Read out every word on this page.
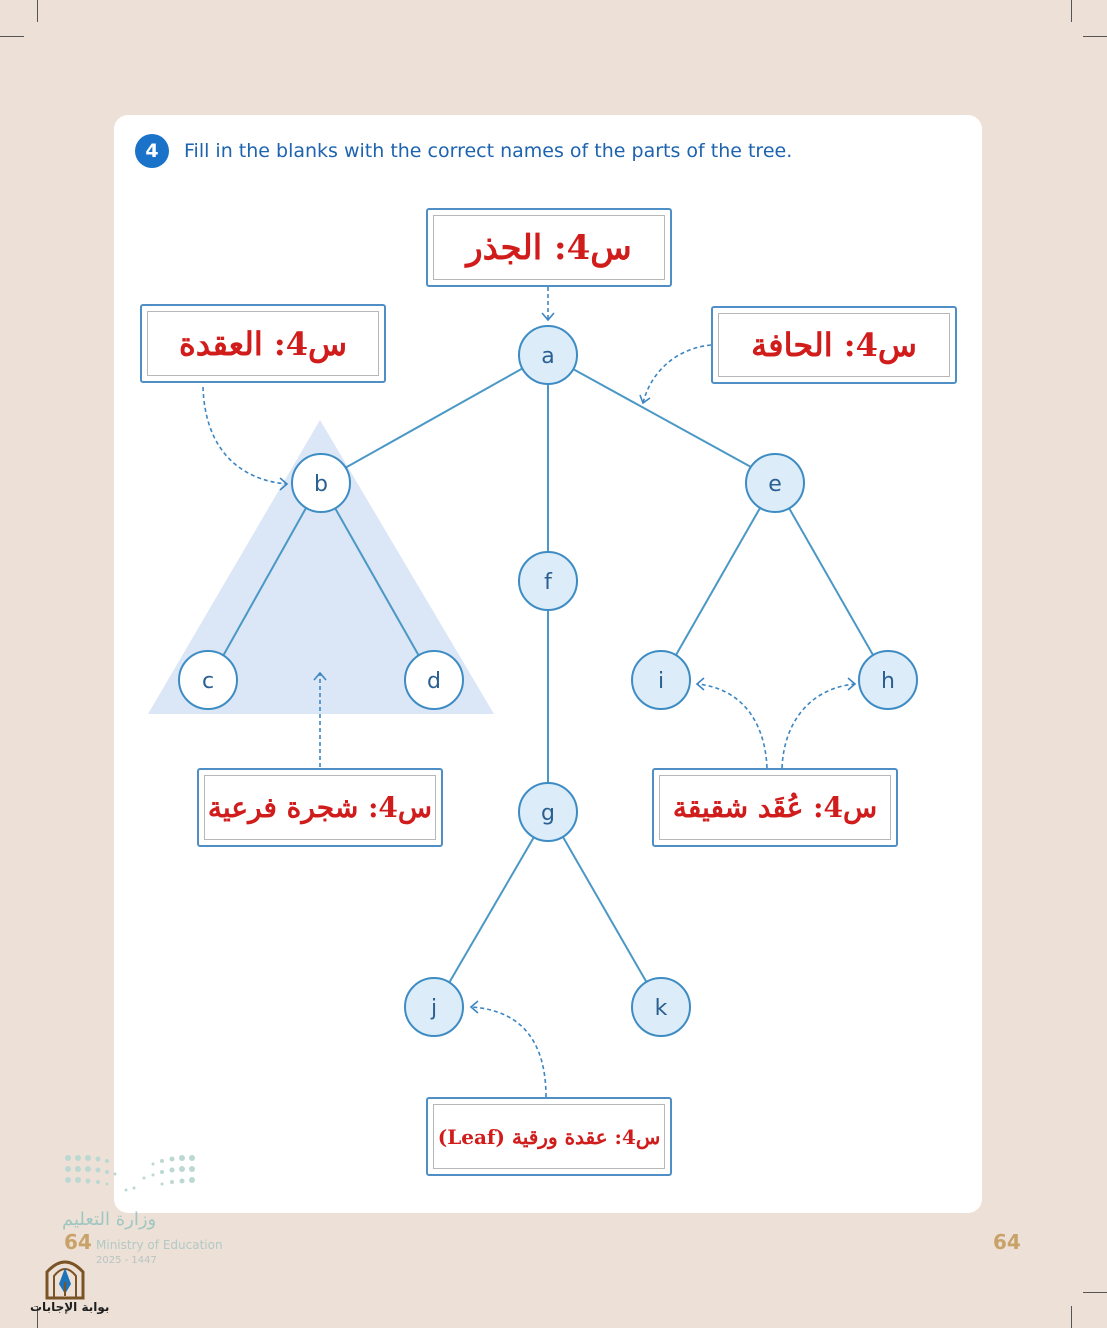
4	Fill in the blanks with the correct names of the parts of the tree.
a
b	e
f
c	d	i	h
g
j	k
س4: الجذر
س4: العقدة	س4: الحافة
س4: شجرة فرعية	س4: عُقَد شقيقة
س4: عقدة ورقية (Leaf)
وزارة التعليم
64 Ministry of Education
2025 - 1447
64
بوابة الإجابات
